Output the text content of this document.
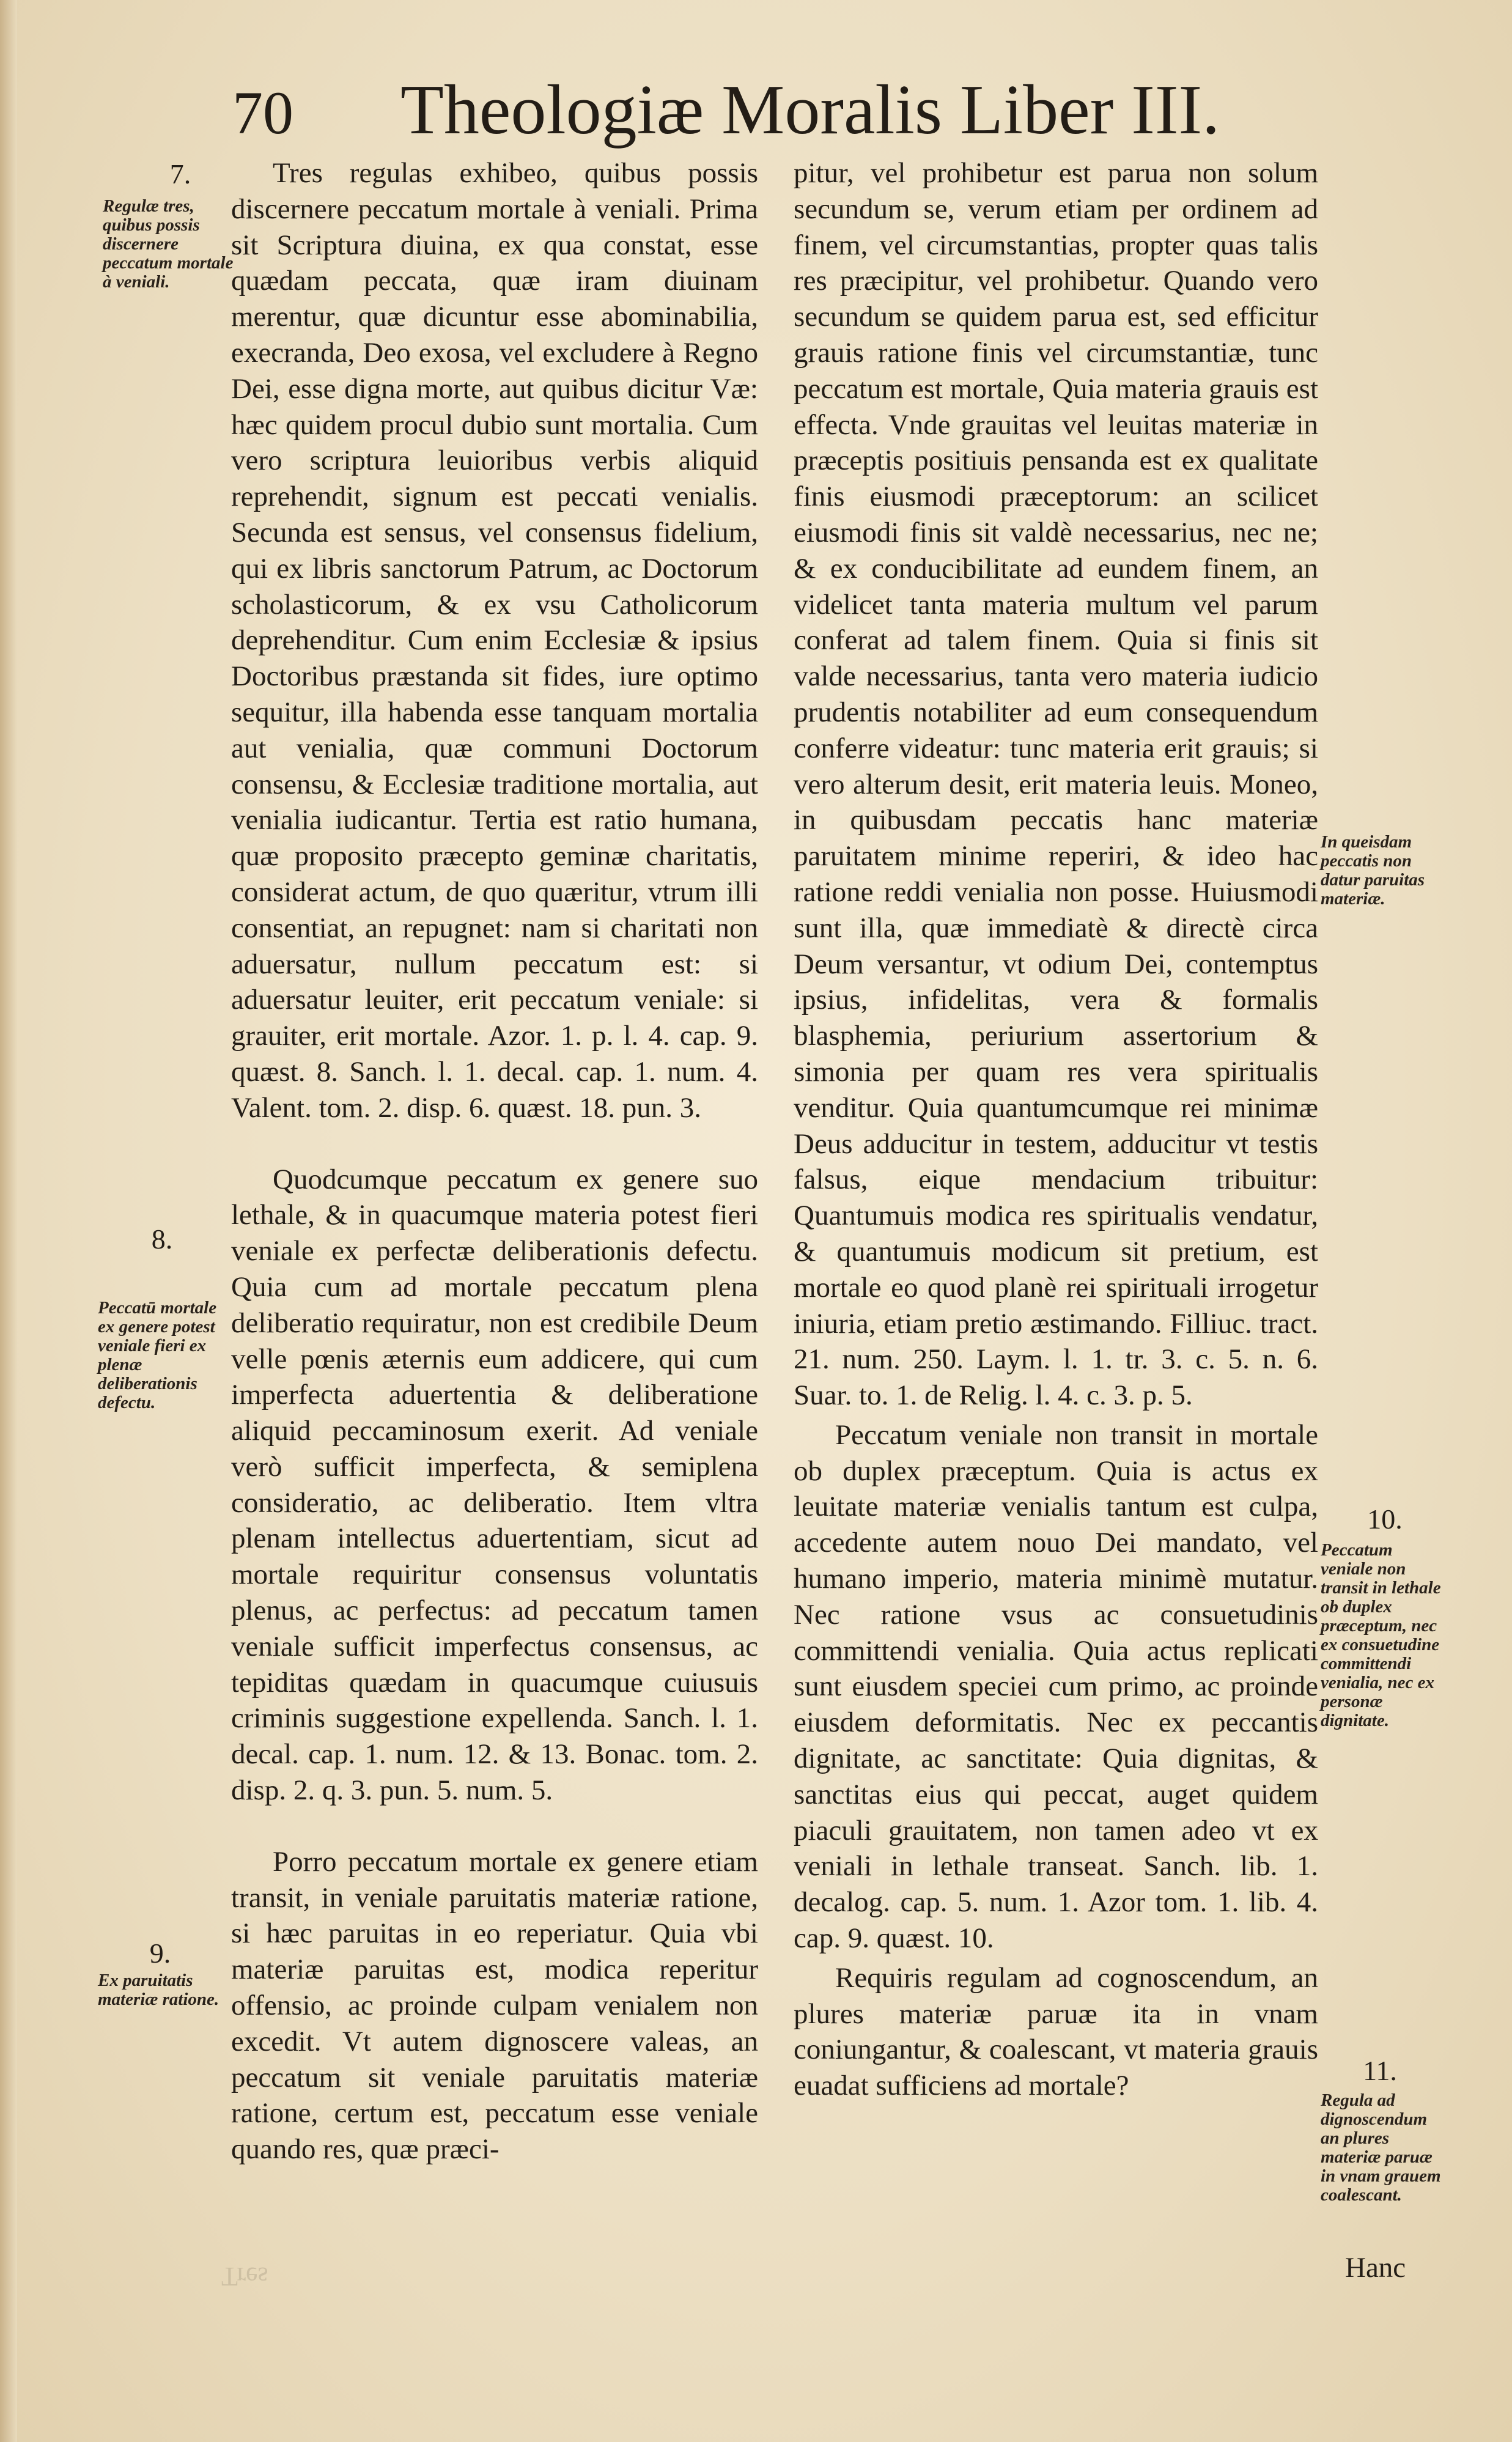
70 Theologiæ Moralis Liber III.

Tres regulas exhibeo, quibus possis discernere peccatum mortale à veniali. Prima sit Scriptura diuina, ex qua constat, esse quædam peccata, quæ iram diuinam merentur, quæ dicuntur esse abominabilia, execranda, Deo exosa, vel excludere à Regno Dei, esse digna morte, aut quibus dicitur Væ: hæc quidem procul dubio sunt mortalia. Cum vero scriptura leuioribus verbis aliquid reprehendit, signum est peccati venialis. Secunda est sensus, vel consensus fidelium, qui ex libris sanctorum Patrum, ac Doctorum scholasticorum, & ex vsu Catholicorum deprehenditur. Cum enim Ecclesiæ & ipsius Doctoribus præstanda sit fides, iure optimo sequitur, illa habenda esse tanquam mortalia aut venialia, quæ communi Doctorum consensu, & Ecclesiæ traditione mortalia, aut venialia iudicantur. Tertia est ratio humana, quæ proposito præcepto geminæ charitatis, considerat actum, de quo quæritur, vtrum illi consentiat, an repugnet: nam si charitati non aduersatur, nullum peccatum est: si aduersatur leuiter, erit peccatum veniale: si grauiter, erit mortale. Azor. 1. p. l. 4. cap. 9. quæst. 8. Sanch. l. 1. decal. cap. 1. num. 4. Valent. tom. 2. disp. 6. quæst. 18. pun. 3.

Quodcumque peccatum ex genere suo lethale, & in quacumque materia potest fieri veniale ex perfectæ deliberationis defectu. Quia cum ad mortale peccatum plena deliberatio requiratur, non est credibile Deum velle pœnis æternis eum addicere, qui cum imperfecta aduertentia & deliberatione aliquid peccaminosum exerit. Ad veniale verò sufficit imperfecta, & semiplena consideratio, ac deliberatio. Item vltra plenam intellectus aduertentiam, sicut ad mortale requiritur consensus voluntatis plenus, ac perfectus: ad peccatum tamen veniale sufficit imperfectus consensus, ac tepiditas quædam in quacumque cuiusuis criminis suggestione expellenda. Sanch. l. 1. decal. cap. 1. num. 12. & 13. Bonac. tom. 2. disp. 2. q. 3. pun. 5. num. 5.

Porro peccatum mortale ex genere etiam transit, in veniale paruitatis materiæ ratione, si hæc paruitas in eo reperiatur. Quia vbi materiæ paruitas est, modica reperitur offensio, ac proinde culpam venialem non excedit. Vt autem dignoscere valeas, an peccatum sit veniale paruitatis materiæ ratione, certum est, peccatum esse veniale quando res, quæ præci-

7.
Regulæ tres, quibus possis discernere peccatum mortale à veniali.
8.
Peccatū mortale ex genere potest veniale fieri ex plenæ deliberationis defectu.
9.
Ex paruitatis materiæ ratione.

pitur, vel prohibetur est parua non solum secundum se, verum etiam per ordinem ad finem, vel circumstantias, propter quas talis res præcipitur, vel prohibetur. Quando vero secundum se quidem parua est, sed efficitur grauis ratione finis vel circumstantiæ, tunc peccatum est mortale, Quia materia grauis est effecta. Vnde grauitas vel leuitas materiæ in præceptis positiuis pensanda est ex qualitate finis eiusmodi præceptorum: an scilicet eiusmodi finis sit valdè necessarius, nec ne; & ex conducibilitate ad eundem finem, an videlicet tanta materia multum vel parum conferat ad talem finem. Quia si finis sit valde necessarius, tanta vero materia iudicio prudentis notabiliter ad eum consequendum conferre videatur: tunc materia erit grauis; si vero alterum desit, erit materia leuis. Moneo, in quibusdam peccatis hanc materiæ paruitatem minime reperiri, & ideo hac ratione reddi venialia non posse. Huiusmodi sunt illa, quæ immediatè & directè circa Deum versantur, vt odium Dei, contemptus ipsius, infidelitas, vera & formalis blasphemia, periurium assertorium & simonia per quam res vera spiritualis venditur. Quia quantumcumque rei minimæ Deus adducitur in testem, adducitur vt testis falsus, eique mendacium tribuitur: Quantumuis modica res spiritualis vendatur, & quantumuis modicum sit pretium, est mortale eo quod planè rei spirituali irrogetur iniuria, etiam pretio æstimando. Filliuc. tract. 21. num. 250. Laym. l. 1. tr. 3. c. 5. n. 6. Suar. to. 1. de Relig. l. 4. c. 3. p. 5.

Peccatum veniale non transit in mortale ob duplex præceptum. Quia is actus ex leuitate materiæ venialis tantum est culpa, accedente autem nouo Dei mandato, vel humano imperio, materia minimè mutatur. Nec ratione vsus ac consuetudinis committendi venialia. Quia actus replicati sunt eiusdem speciei cum primo, ac proinde eiusdem deformitatis. Nec ex peccantis dignitate, ac sanctitate: Quia dignitas, & sanctitas eius qui peccat, auget quidem piaculi grauitatem, non tamen adeo vt ex veniali in lethale transeat. Sanch. lib. 1. decalog. cap. 5. num. 1. Azor tom. 1. lib. 4. cap. 9. quæst. 10.

Requiris regulam ad cognoscendum, an plures materiæ paruæ ita in vnam coniungantur, & coalescant, vt materia grauis euadat sufficiens ad mortale?

In queisdam peccatis non datur paruitas materiæ.
10.
Peccatum veniale non transit in lethale ob duplex præceptum, nec ex consuetudine committendi venialia, nec ex personæ dignitate.
11.
Regula ad dignoscendum an plures materiæ paruæ in vnam grauem coalescant.
Hanc
Tres
